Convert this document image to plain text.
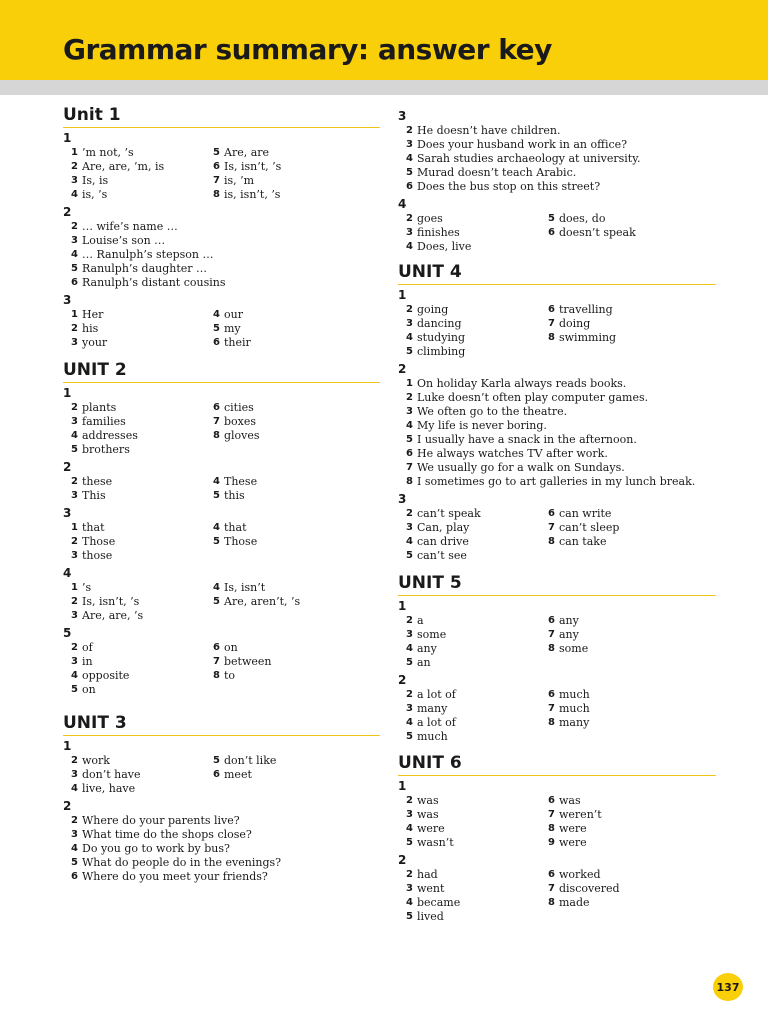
Grammar summary: answer key
Unit 1
1
1 ’m not, ’s	5 Are, are
2 Are, are, ’m, is	6 Is, isn’t, ’s
3 Is, is	7 is, ’m
4 is, ’s	8 is, isn’t, ’s
2
2 … wife’s name …
3 Louise’s son …
4 … Ranulph’s stepson …
5 Ranulph’s daughter …
6 Ranulph’s distant cousins
3
1 Her	4 our
2 his	5 my
3 your	6 their
UNIT 2
1
2 plants	6 cities
3 families	7 boxes
4 addresses	8 gloves
5 brothers
2
2 these	4 These
3 This	5 this
3
1 that	4 that
2 Those	5 Those
3 those
4
1 ’s	4 Is, isn’t
2 Is, isn’t, ’s	5 Are, aren’t, ’s
3 Are, are, ’s
5
2 of	6 on
3 in	7 between
4 opposite	8 to
5 on
UNIT 3
1
2 work	5 don’t like
3 don’t have	6 meet
4 live, have
2
2 Where do your parents live?
3 What time do the shops close?
4 Do you go to work by bus?
5 What do people do in the evenings?
6 Where do you meet your friends?
3
2 He doesn’t have children.
3 Does your husband work in an office?
4 Sarah studies archaeology at university.
5 Murad doesn’t teach Arabic.
6 Does the bus stop on this street?
4
2 goes	5 does, do
3 finishes	6 doesn’t speak
4 Does, live
UNIT 4
1
2 going	6 travelling
3 dancing	7 doing
4 studying	8 swimming
5 climbing
2
1 On holiday Karla always reads books.
2 Luke doesn’t often play computer games.
3 We often go to the theatre.
4 My life is never boring.
5 I usually have a snack in the afternoon.
6 He always watches TV after work.
7 We usually go for a walk on Sundays.
8 I sometimes go to art galleries in my lunch break.
3
2 can’t speak	6 can write
3 Can, play	7 can’t sleep
4 can drive	8 can take
5 can’t see
UNIT 5
1
2 a	6 any
3 some	7 any
4 any	8 some
5 an
2
2 a lot of	6 much
3 many	7 much
4 a lot of	8 many
5 much
UNIT 6
1
2 was	6 was
3 was	7 weren’t
4 were	8 were
5 wasn’t	9 were
2
2 had	6 worked
3 went	7 discovered
4 became	8 made
5 lived
137
